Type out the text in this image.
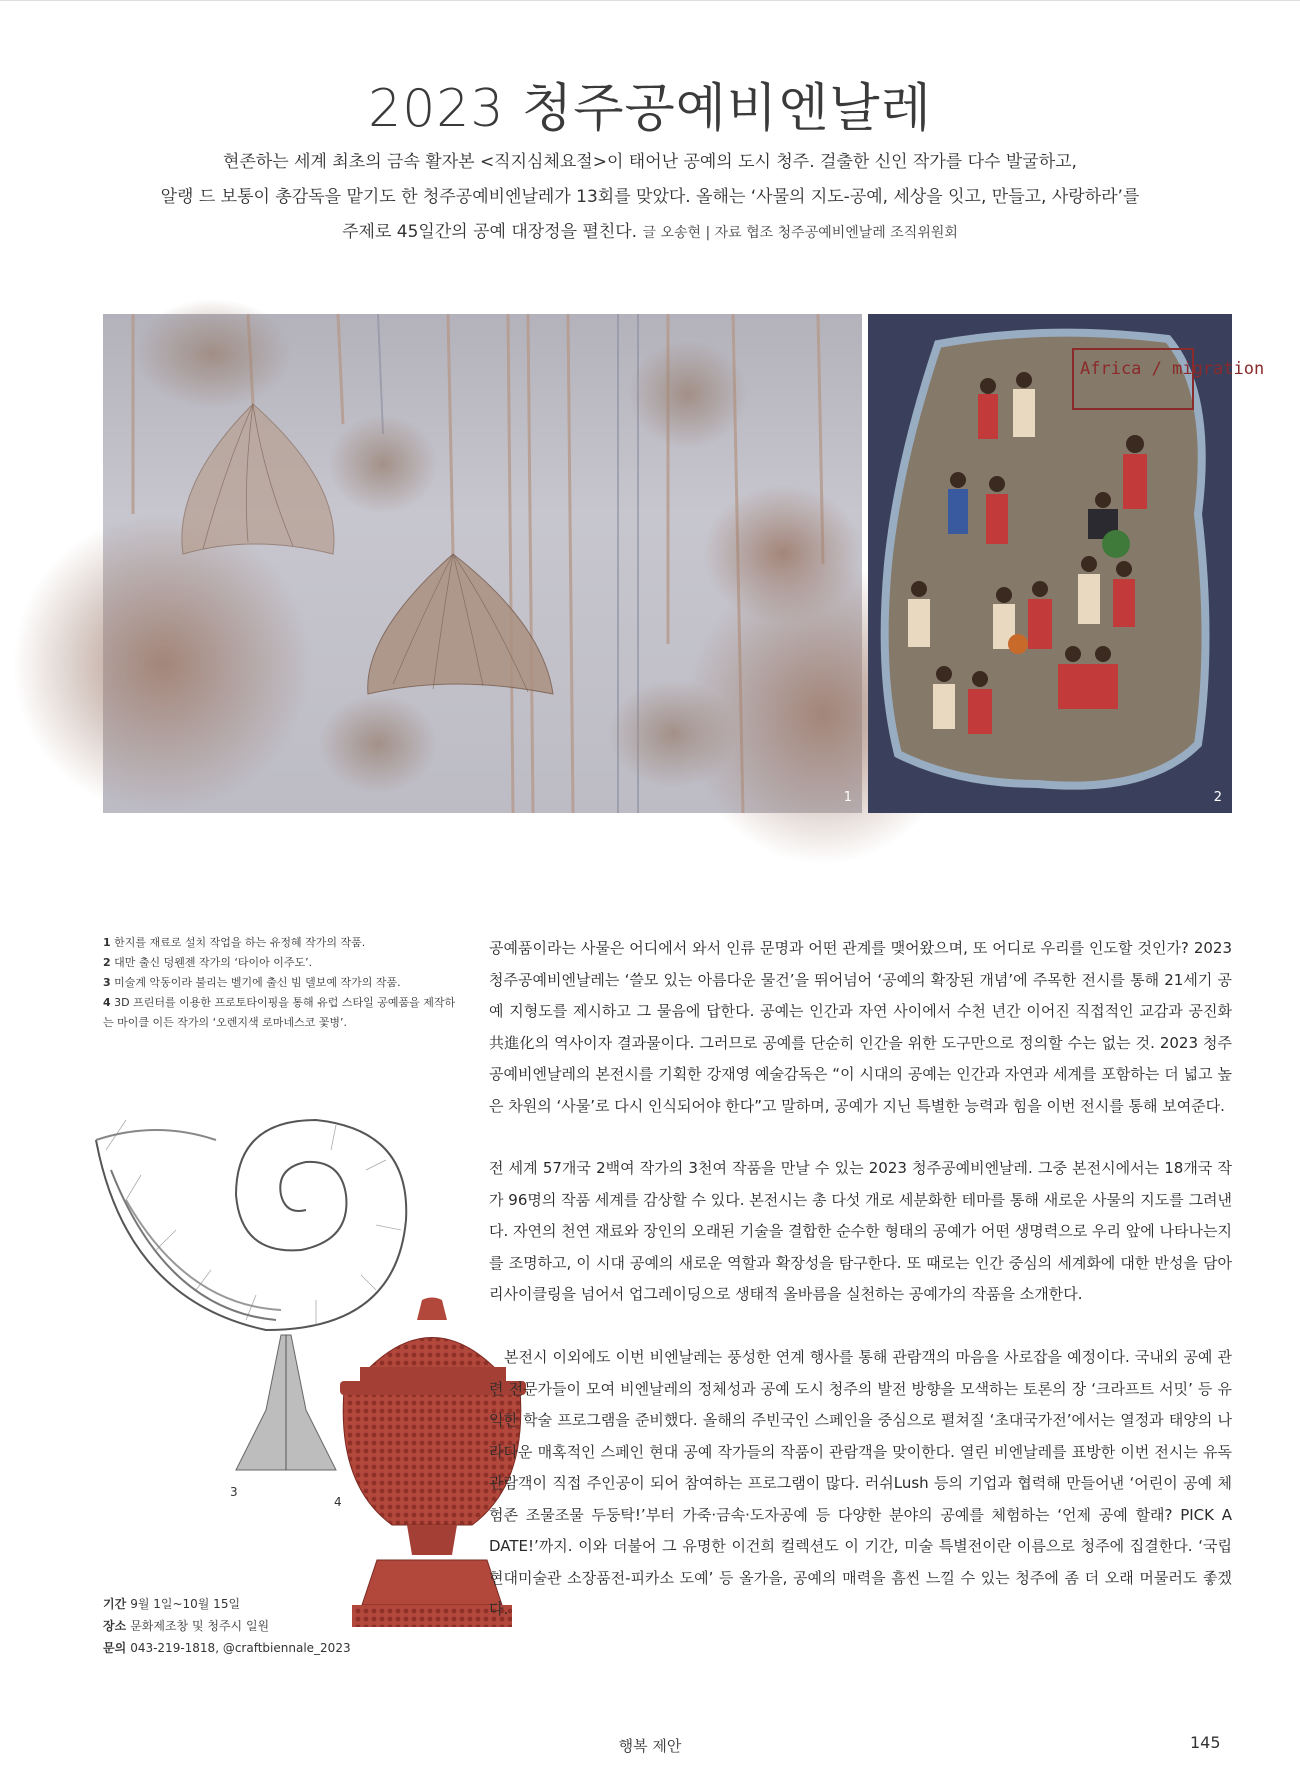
2023 청주공예비엔날레
현존하는 세계 최초의 금속 활자본 <직지심체요절>이 태어난 공예의 도시 청주. 걸출한 신인 작가를 다수 발굴하고,
알랭 드 보통이 총감독을 맡기도 한 청주공예비엔날레가 13회를 맞았다. 올해는 ‘사물의 지도-공예, 세상을 잇고, 만들고, 사랑하라’를
주제로 45일간의 공예 대장정을 펼친다. 글 오송현 | 자료 협조 청주공예비엔날레 조직위원회
1
Africa / migration
2
1 한지를 재료로 설치 작업을 하는 유정혜 작가의 작품.
2 대만 출신 덩웬젠 작가의 ‘타이아 이주도’.
3 미술계 악동이라 불리는 벨기에 출신 빔 델보예 작가의 작품.
4 3D 프린터를 이용한 프로토타이핑을 통해 유럽 스타일 공예품을 제작하는 마이클 이든 작가의 ‘오렌지색 로마네스코 꽃병’.
3
4
기간 9월 1일~10월 15일
장소 문화제조창 및 청주시 일원
문의 043-219-1818, @craftbiennale_2023

공예품이라는 사물은 어디에서 와서 인류 문명과 어떤 관계를 맺어왔으며, 또 어디로 우리를 인도할 것인가? 2023 청주공예비엔날레는 ‘쓸모 있는 아름다운 물건’을 뛰어넘어 ‘공예의 확장된 개념’에 주목한 전시를 통해 21세기 공예 지형도를 제시하고 그 물음에 답한다. 공예는 인간과 자연 사이에서 수천 년간 이어진 직접적인 교감과 공진화共進化의 역사이자 결과물이다. 그러므로 공예를 단순히 인간을 위한 도구만으로 정의할 수는 없는 것. 2023 청주공예비엔날레의 본전시를 기획한 강재영 예술감독은 “이 시대의 공예는 인간과 자연과 세계를 포함하는 더 넓고 높은 차원의 ‘사물’로 다시 인식되어야 한다”고 말하며, 공예가 지닌 특별한 능력과 힘을 이번 전시를 통해 보여준다.

전 세계 57개국 2백여 작가의 3천여 작품을 만날 수 있는 2023 청주공예비엔날레. 그중 본전시에서는 18개국 작가 96명의 작품 세계를 감상할 수 있다. 본전시는 총 다섯 개로 세분화한 테마를 통해 새로운 사물의 지도를 그려낸다. 자연의 천연 재료와 장인의 오래된 기술을 결합한 순수한 형태의 공예가 어떤 생명력으로 우리 앞에 나타나는지를 조명하고, 이 시대 공예의 새로운 역할과 확장성을 탐구한다. 또 때로는 인간 중심의 세계화에 대한 반성을 담아 리사이클링을 넘어서 업그레이딩으로 생태적 올바름을 실천하는 공예가의 작품을 소개한다.

본전시 이외에도 이번 비엔날레는 풍성한 연계 행사를 통해 관람객의 마음을 사로잡을 예정이다. 국내외 공예 관련 전문가들이 모여 비엔날레의 정체성과 공예 도시 청주의 발전 방향을 모색하는 토론의 장 ‘크라프트 서밋’ 등 유익한 학술 프로그램을 준비했다. 올해의 주빈국인 스페인을 중심으로 펼쳐질 ‘초대국가전’에서는 열정과 태양의 나라다운 매혹적인 스페인 현대 공예 작가들의 작품이 관람객을 맞이한다. 열린 비엔날레를 표방한 이번 전시는 유독 관람객이 직접 주인공이 되어 참여하는 프로그램이 많다. 러쉬Lush 등의 기업과 협력해 만들어낸 ‘어린이 공예 체험존 조물조물 두둥탁!’부터 가죽·금속·도자공예 등 다양한 분야의 공예를 체험하는 ‘언제 공예 할래? PICK A DATE!’까지. 이와 더불어 그 유명한 이건희 컬렉션도 이 기간, 미술 특별전이란 이름으로 청주에 집결한다. ‘국립현대미술관 소장품전-피카소 도예’ 등 올가을, 공예의 매력을 흠씬 느낄 수 있는 청주에 좀 더 오래 머물러도 좋겠다.

행복 제안	145
